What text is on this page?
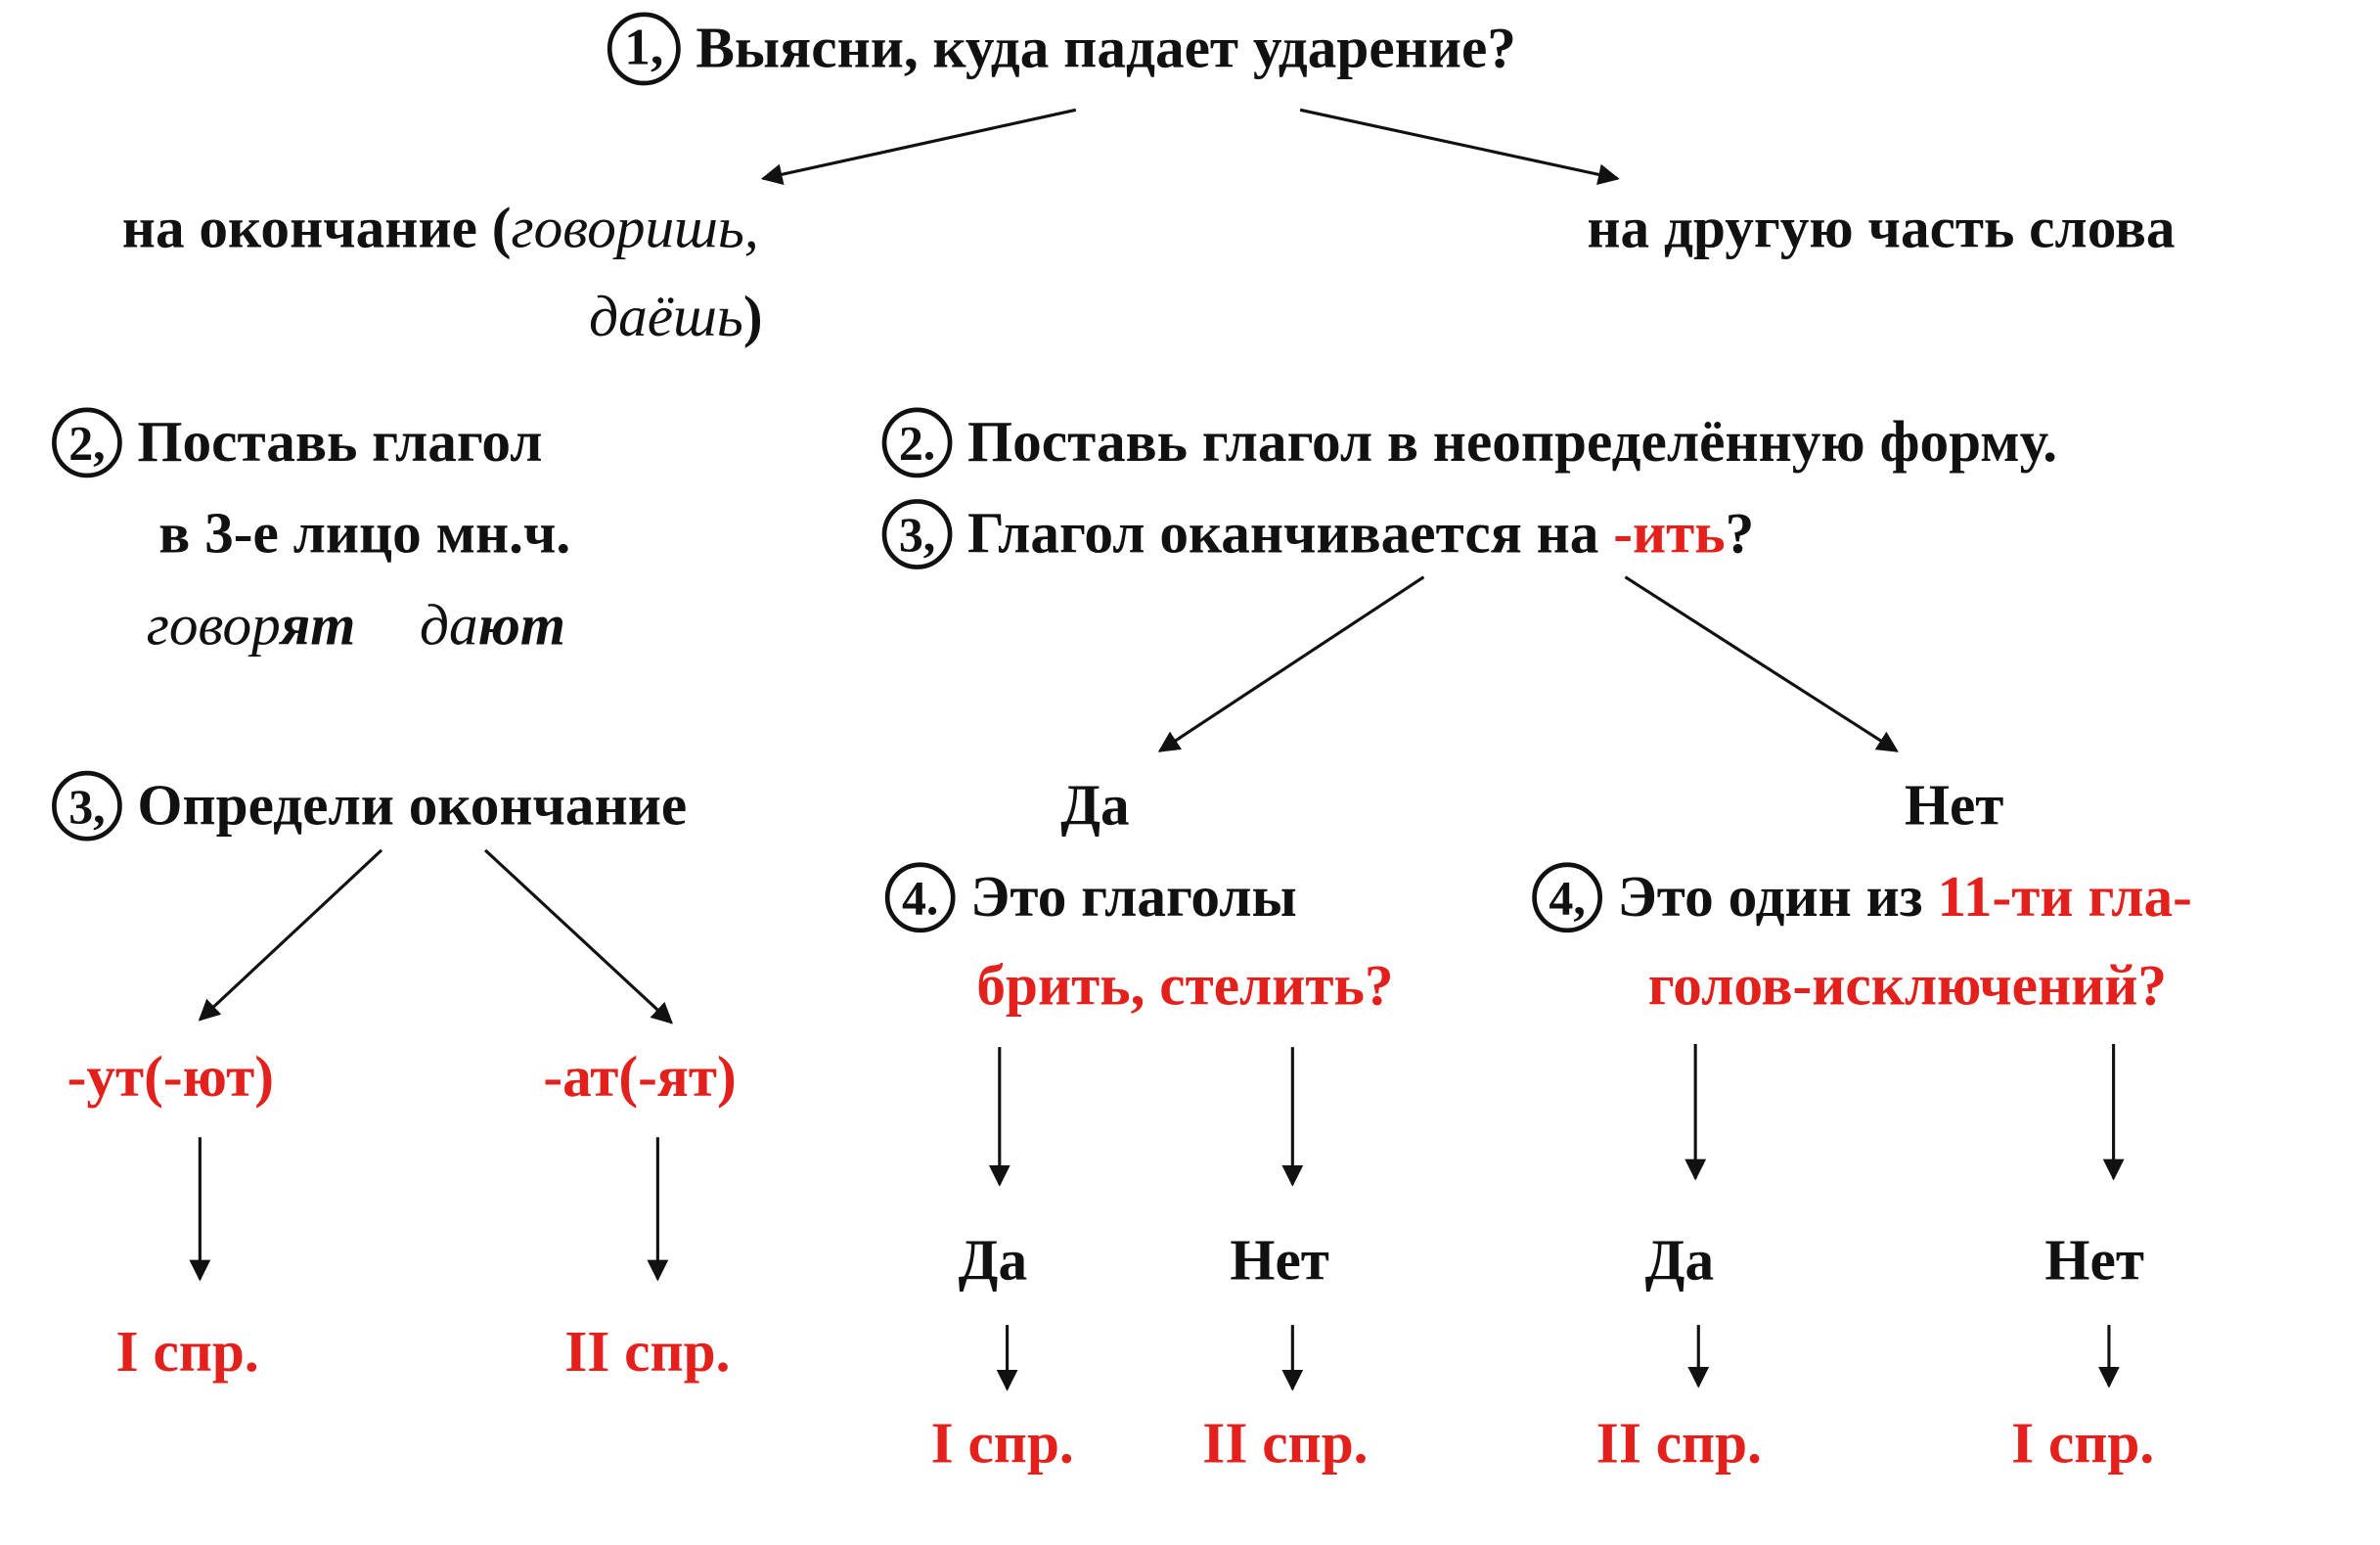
1, Выясни, куда падает ударение?
на окончание (говоришь,
даёшь)
на другую часть слова
2, Поставь глагол
в 3-е лицо мн.ч.
говорят дают
3, Определи окончание
-ут(-ют)	-ат(-ят)
I спр.	II спр.
2. Поставь глагол в неопределённую форму.
3, Глагол оканчивается на -ить?
Да	Нет
4. Это глаголы
брить, стелить?
4, Это один из 11-ти гла-
голов-исключений?
Да	Нет	Да	Нет
I спр.	II спр.	II спр.	I спр.
